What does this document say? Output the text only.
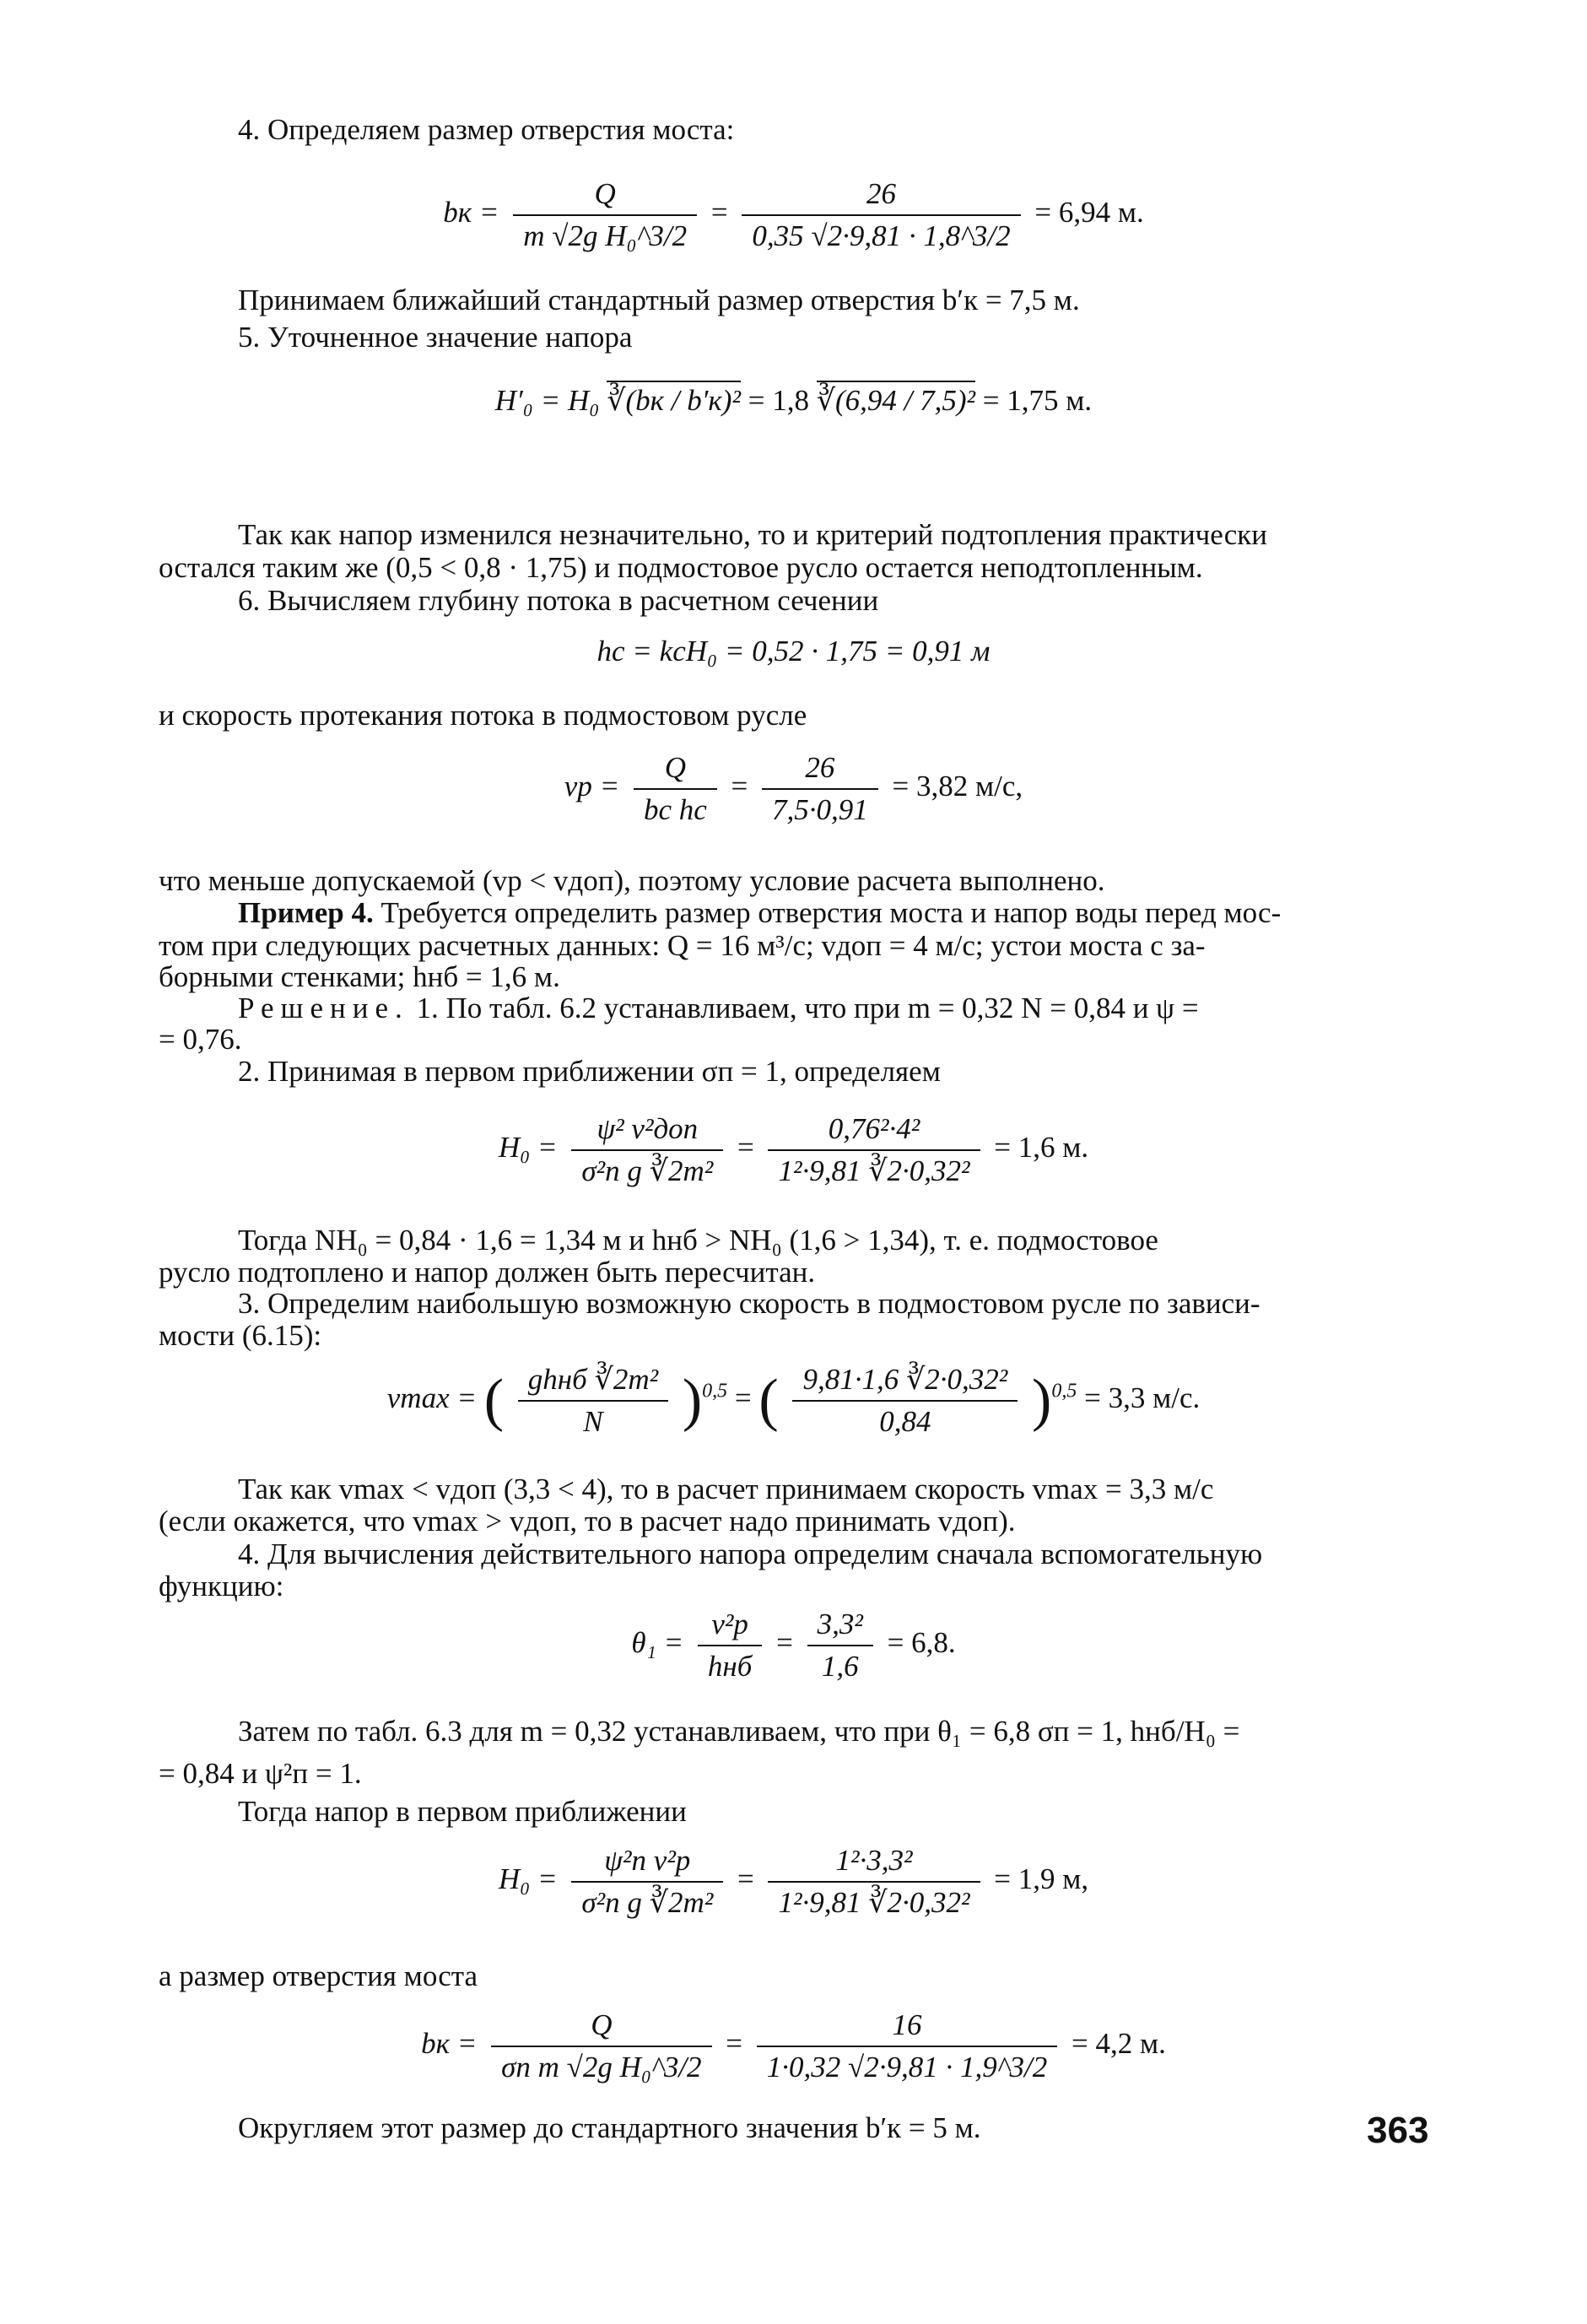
4. Определяем размер отверстия моста:
bк = $\frac{Q}{\text{m √2g H₀\textasciicircum{}3/2}} = \frac{26}{0,35 √2\cdot 9,81 \cdot 1,8\^{}3/2} = 6,94$ м.
Принимаем ближайший стандартный размер отверстия b′к = 7,5 м.
5. Уточненное значение напора
H′₀ = H₀ ∛(bк / b′к)² = 1,8 ∛(6,94 / 7,5)² = 1,75 м.
Так как напор изменился незначительно, то и критерий подтопления практически
остался таким же (0,5 < 0,8 · 1,75) и подмостовое русло остается неподтопленным.
6. Вычисляем глубину потока в расчетном сечении
hс = kсH₀ = 0,52 · 1,75 = 0,91 м
и скорость протекания потока в подмостовом русле
vр = $\frac{Q}{\text{bс hс}} = \frac{26}{7,5\cdot 0,91} = 3,82$ м/с,
что меньше допускаемой (vр < vдоп), поэтому условие расчета выполнено.
Пример 4. Требуется определить размер отверстия моста и напор воды перед мос-
том при следующих расчетных данных: Q = 16 м³/с; vдоп = 4 м/с; устои моста с за-
борными стенками; hнб = 1,6 м.
Решение. 1. По табл. 6.2 устанавливаем, что при m = 0,32 N = 0,84 и ψ =
= 0,76.
2. Принимая в первом приближении σп = 1, определяем
$H_0 = \frac{\text{ψ² v²доп}}{\text{σ²п g ∛2m²}} = \frac{\text{0,76²·4²}}{\text{1²·9,81 ∛2·0,32²}} = 1,6$ м.
Тогда NH₀ = 0,84 · 1,6 = 1,34 м и hнб > NH₀ (1,6 > 1,34), т. е. подмостовое
русло подтоплено и напор должен быть пересчитан.
3. Определим наибольшую возможную скорость в подмостовом русле по зависи-
мости (6.15):
vmax = ( $\frac{\text{ghнб ∛2m²}}{N} )^{0,5}$ = ( $\frac{\text{9,81·1,6 ∛2·0,32²}}{0,84} )^{0,5} = 3,3$ м/с.
Так как vmax < vдоп (3,3 < 4), то в расчет принимаем скорость vmax = 3,3 м/с
(если окажется, что vmax > vдоп, то в расчет надо принимать vдоп).
4. Для вычисления действительного напора определим сначала вспомогательную
функцию:
$\theta_1 = \frac{\text{v²р}}{\text{hнб}} = \frac{\text{3,3²}}{1,6} = 6,8$.
Затем по табл. 6.3 для m = 0,32 устанавливаем, что при θ₁ = 6,8 σп = 1, hнб/H₀ =
= 0,84 и ψ²п = 1.
Тогда напор в первом приближении
$H_0 = \frac{\text{ψ²п v²р}}{\text{σ²п g ∛2m²}} = \frac{\text{1²·3,3²}}{\text{1²·9,81 ∛2·0,32²}} = 1,9$ м,
а размер отверстия моста
bк = $\frac{Q}{\text{σп m √2g H₀\textasciicircum{}3/2}} = \frac{16}{1\cdot 0,32 √2\cdot 9,81 \cdot 1,9\^{}3/2} = 4,2$ м.
Округляем этот размер до стандартного значения b′к = 5 м.	363
